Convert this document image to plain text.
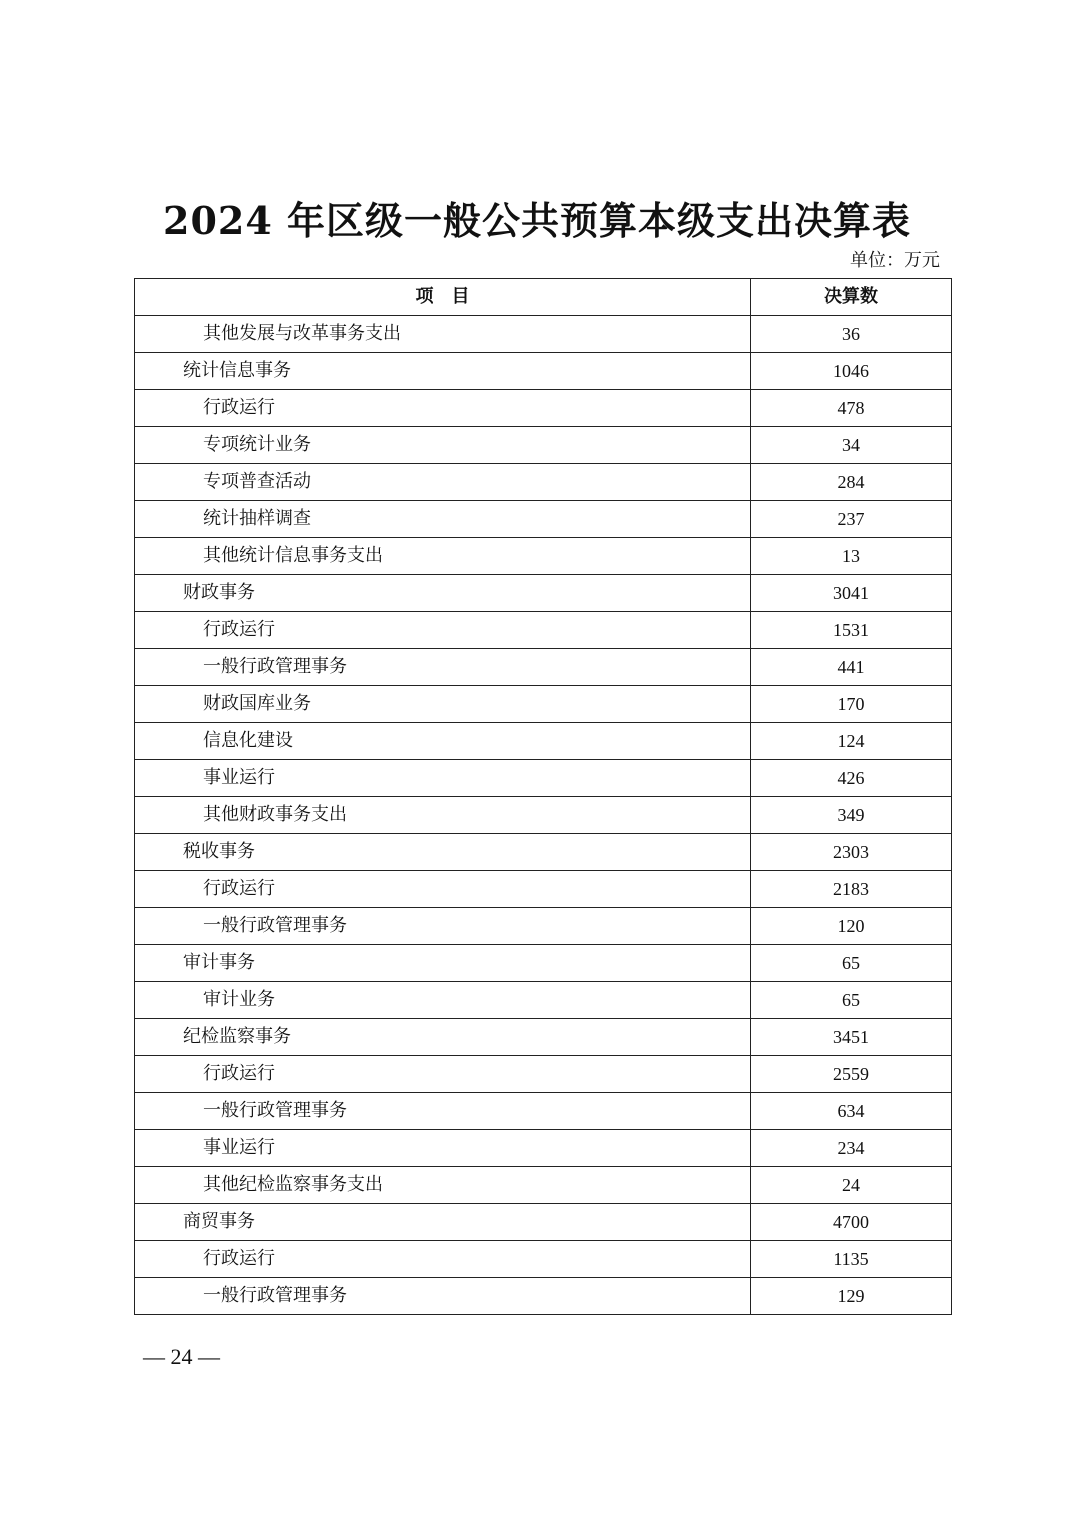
2024 年区级一般公共预算本级支出决算表
单位：万元
项　目	决算数
其他发展与改革事务支出	36
统计信息事务	1046
行政运行	478
专项统计业务	34
专项普查活动	284
统计抽样调查	237
其他统计信息事务支出	13
财政事务	3041
行政运行	1531
一般行政管理事务	441
财政国库业务	170
信息化建设	124
事业运行	426
其他财政事务支出	349
税收事务	2303
行政运行	2183
一般行政管理事务	120
审计事务	65
审计业务	65
纪检监察事务	3451
行政运行	2559
一般行政管理事务	634
事业运行	234
其他纪检监察事务支出	24
商贸事务	4700
行政运行	1135
一般行政管理事务	129
— 24 —
